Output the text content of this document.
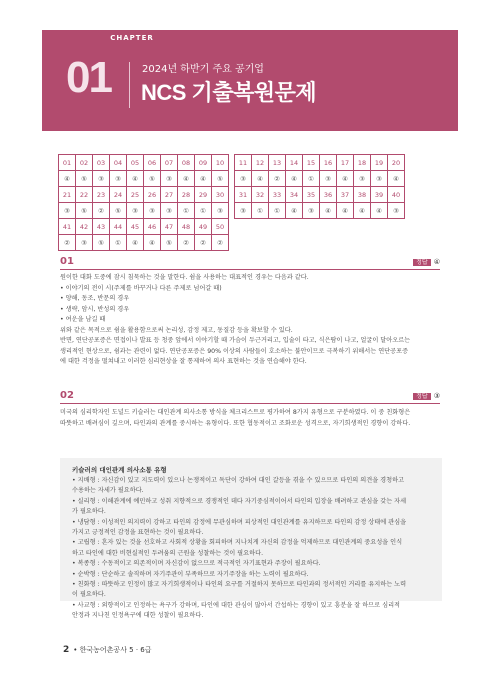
CHAPTER
01	2024년 하반기 주요 공기업
NCS 기출복원문제
01	02	03	04	05	06	07	08	09	10		11	12	13	14	15	16	17	18	19	20
④	⑤	③	③	④	⑤	③	④	④	⑤		③	④	②	④	①	③	④	③	③	④
21	22	23	24	25	26	27	28	29	30		31	32	33	34	35	36	37	38	39	40
③	⑤	②	⑤	③	③	③	①	①	③		③	①	①	④	③	④	④	④	④	③
41	42	43	44	45	46	47	48	49	50											
②	③	⑤	①	④	④	⑤	②	②	②											
01	정답 ④

원이한 대화 도중에 잠시 침묵하는 것을 말한다. 쉼을 사용하는 대표적인 경우는 다음과 같다.

• 이야기의 전이 시(주제를 바꾸거나 다른 주제로 넘어갈 때)

• 양해, 동조, 반문의 경우

• 생략, 암시, 반성의 경우

• 여운을 남길 때

위와 같은 목적으로 쉼을 활용함으로써 논리성, 감정 제고, 동질감 등을 확보할 수 있다.

반면, 연단공포증은 면접이나 발표 등 청중 앞에서 이야기할 때 가슴이 두근거리고, 입술이 타고, 식은땀이 나고, 얼굴이 달아오르는

생리적인 현상으로, 쉼과는 관련이 없다. 연단공포증은 90% 이상의 사람들이 호소하는 불안이므로 극복하기 위해서는 연단공포증

에 대한 걱정을 떨쳐내고 이러한 심리현상을 잘 통제하여 의사 표현하는 것을 연습해야 한다.

02	정답 ③

미국의 심리학자인 도널드 키슬러는 대인관계 의사소통 방식을 체크리스트로 평가하여 8가지 유형으로 구분하였다. 이 중 친화형은

따뜻하고 배려심이 깊으며, 타인과의 관계를 중시하는 유형이다. 또한 협동적이고 조화로운 성격으로, 자기희생적인 경향이 강하다.

키슬러의 대인관계 의사소통 유형

• 지배형 : 자신감이 있고 지도력이 있으나 논쟁적이고 독단이 강하여 대인 갈등을 겪을 수 있으므로 타인의 의견을 경청하고

수용하는 자세가 필요하다.

• 실리형 : 이해관계에 예민하고 성취 지향적으로 경쟁적인 데다 자기중심적이어서 타인의 입장을 배려하고 관심을 갖는 자세

가 필요하다.

• 냉담형 : 이성적인 의지력이 강하고 타인의 감정에 무관심하며 피상적인 대인관계를 유지하므로 타인의 감정 상태에 관심을

가지고 긍정적인 감정을 표현하는 것이 필요하다.

• 고립형 : 혼자 있는 것을 선호하고 사회적 상황을 회피하며 지나치게 자신의 감정을 억제하므로 대인관계의 중요성을 인식

하고 타인에 대한 비현실적인 두려움의 근원을 성찰하는 것이 필요하다.

• 복종형 : 수동적이고 의존적이며 자신감이 없으므로 적극적인 자기표현과 주장이 필요하다.

• 순박형 : 단순하고 솔직하며 자기주관이 부족하므로 자기주장을 하는 노력이 필요하다.

• 친화형 : 따뜻하고 인정이 많고 자기희생적이나 타인의 요구를 거절하지 못하므로 타인과의 정서적인 거리를 유지하는 노력

이 필요하다.

• 사교형 : 외향적이고 인정하는 욕구가 강하며, 타인에 대한 관심이 많아서 간섭하는 경향이 있고 흥분을 잘 하므로 심리적

안정과 지나친 인정욕구에 대한 성찰이 필요하다.

2 • 한국농어촌공사 5 · 6급
